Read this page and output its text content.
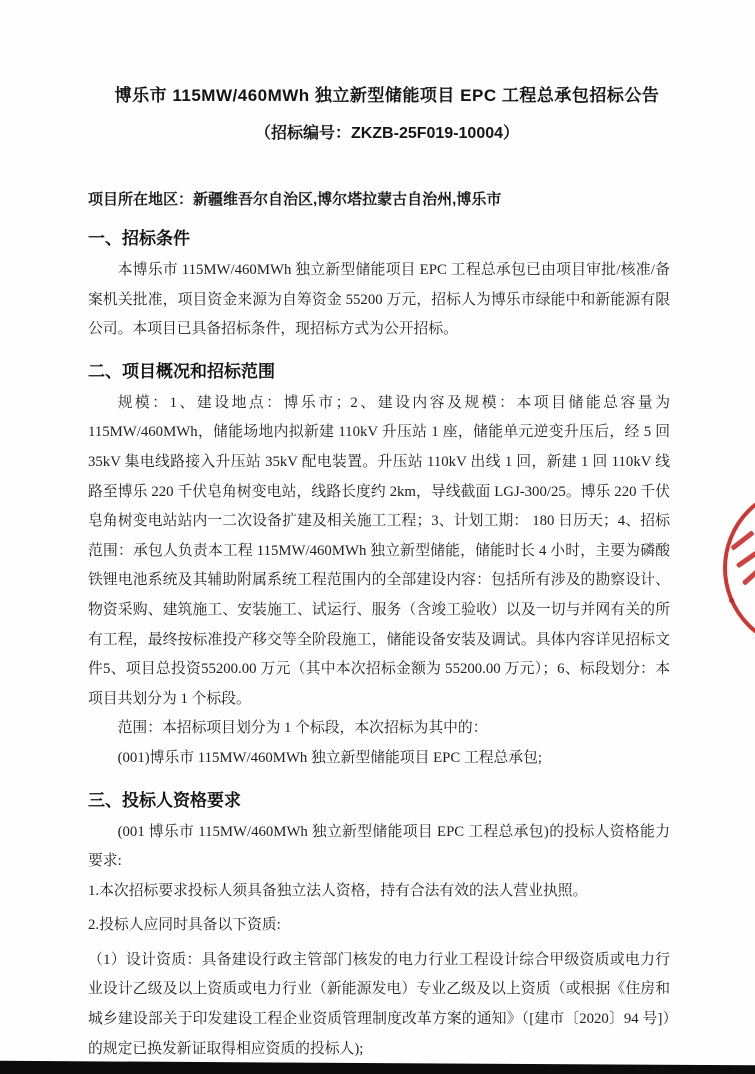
博乐市 115MW/460MWh 独立新型储能项目 EPC 工程总承包招标公告
（招标编号：ZKZB-25F019-10004）
项目所在地区：新疆维吾尔自治区,博尔塔拉蒙古自治州,博乐市
一、招标条件

本博乐市 115MW/460MWh 独立新型储能项目 EPC 工程总承包已由项目审批/核准/备案机关批准，项目资金来源为自筹资金 55200 万元，招标人为博乐市绿能中和新能源有限公司。本项目已具备招标条件，现招标方式为公开招标。

二、项目概况和招标范围

规模：1、建设地点：博乐市；2、建设内容及规模：本项目储能总容量为 115MW/460MWh，储能场地内拟新建 110kV 升压站 1 座，储能单元逆变升压后，经 5 回 35kV 集电线路接入升压站 35kV 配电装置。升压站 110kV 出线 1 回，新建 1 回 110kV 线路至博乐 220 千伏皂角树变电站，线路长度约 2km，导线截面 LGJ-300/25。博乐 220 千伏皂角树变电站站内一二次设备扩建及相关施工工程；3、计划工期： 180 日历天；4、招标范围：承包人负责本工程 115MW/460MWh 独立新型储能，储能时长 4 小时，主要为磷酸铁锂电池系统及其辅助附属系统工程范围内的全部建设内容：包括所有涉及的勘察设计、物资采购、建筑施工、安装施工、试运行、服务（含竣工验收）以及一切与并网有关的所有工程，最终按标准投产移交等全阶段施工，储能设备安装及调试。具体内容详见招标文件5、项目总投资55200.00 万元（其中本次招标金额为 55200.00 万元）；6、标段划分：本项目共划分为 1 个标段。

范围：本招标项目划分为 1 个标段，本次招标为其中的：

(001)博乐市 115MW/460MWh 独立新型储能项目 EPC 工程总承包;

三、投标人资格要求

(001 博乐市 115MW/460MWh 独立新型储能项目 EPC 工程总承包)的投标人资格能力要求:

1.本次招标要求投标人须具备独立法人资格，持有合法有效的法人营业执照。

2.投标人应同时具备以下资质:

（1）设计资质：具备建设行政主管部门核发的电力行业工程设计综合甲级资质或电力行业设计乙级及以上资质或电力行业（新能源发电）专业乙级及以上资质（或根据《住房和城乡建设部关于印发建设工程企业资质管理制度改革方案的通知》（[建市〔2020〕94 号]）的规定已换发新证取得相应资质的投标人);
